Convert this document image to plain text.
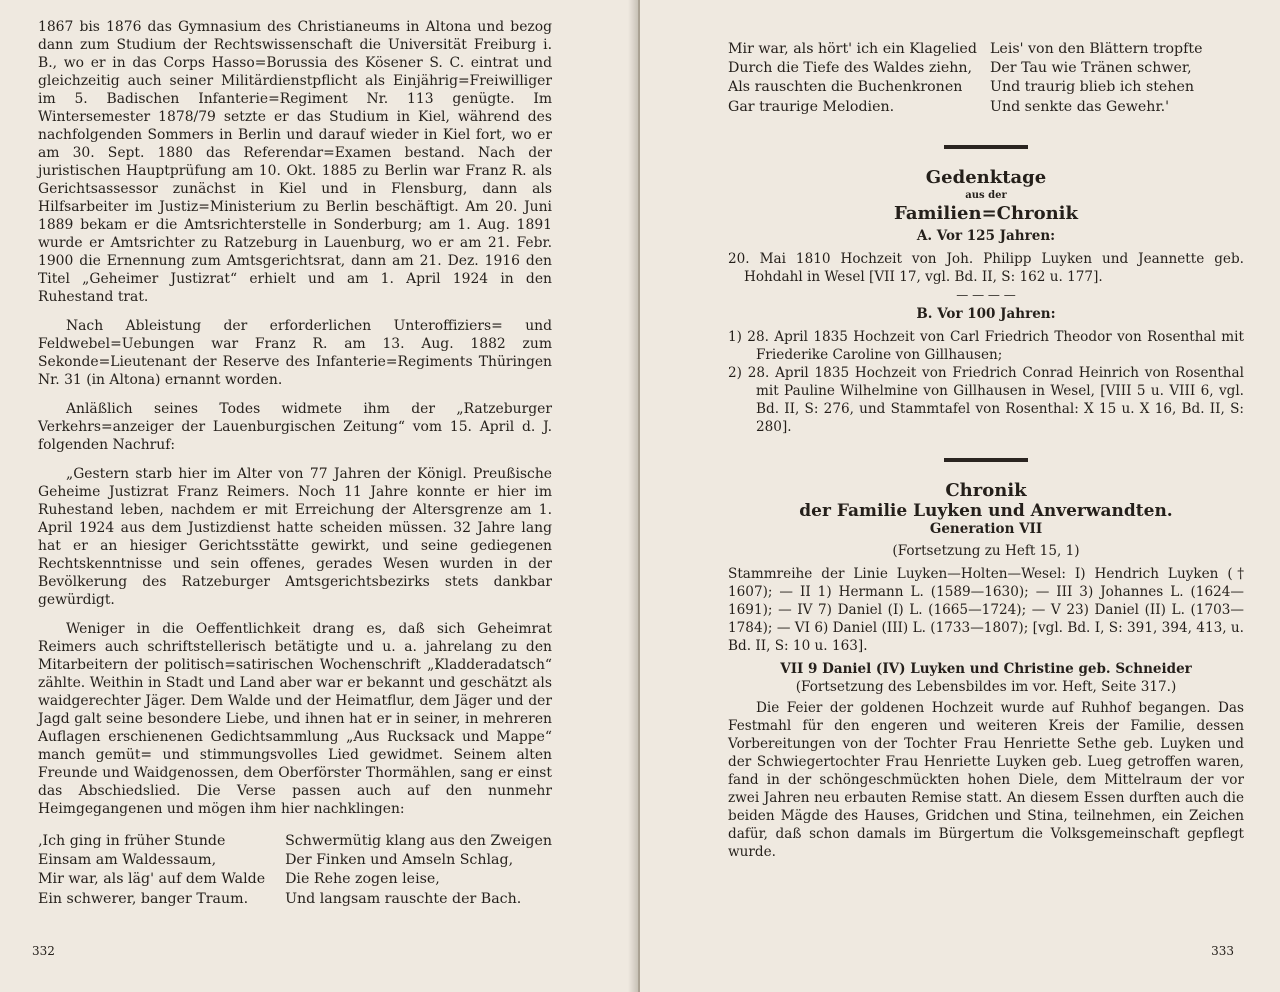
1867 bis 1876 das Gymnasium des Christianeums in Altona und bezog dann zum Studium der Rechtswissenschaft die Universität Freiburg i. B., wo er in das Corps Hasso=Borussia des Kösener S. C. eintrat und gleichzeitig auch seiner Militärdienstpflicht als Einjährig=Freiwilliger im 5. Badischen Infanterie=Regiment Nr. 113 genügte. Im Wintersemester 1878/79 setzte er das Studium in Kiel, während des nachfolgenden Sommers in Berlin und darauf wieder in Kiel fort, wo er am 30. Sept. 1880 das Referendar=Examen bestand. Nach der juristischen Hauptprüfung am 10. Okt. 1885 zu Berlin war Franz R. als Gerichtsassessor zunächst in Kiel und in Flensburg, dann als Hilfsarbeiter im Justiz=Ministerium zu Berlin beschäftigt. Am 20. Juni 1889 bekam er die Amtsrichterstelle in Sonderburg; am 1. Aug. 1891 wurde er Amtsrichter zu Ratzeburg in Lauenburg, wo er am 21. Febr. 1900 die Ernennung zum Amtsgerichtsrat, dann am 21. Dez. 1916 den Titel „Geheimer Justizrat“ erhielt und am 1. April 1924 in den Ruhestand trat.

Nach Ableistung der erforderlichen Unteroffiziers= und Feldwebel=Uebungen war Franz R. am 13. Aug. 1882 zum Sekonde=Lieutenant der Reserve des Infanterie=Regiments Thüringen Nr. 31 (in Altona) ernannt worden.

Anläßlich seines Todes widmete ihm der „Ratzeburger Verkehrs=anzeiger der Lauenburgischen Zeitung“ vom 15. April d. J. folgenden Nachruf:

„Gestern starb hier im Alter von 77 Jahren der Königl. Preußische Geheime Justizrat Franz Reimers. Noch 11 Jahre konnte er hier im Ruhestand leben, nachdem er mit Erreichung der Altersgrenze am 1. April 1924 aus dem Justizdienst hatte scheiden müssen. 32 Jahre lang hat er an hiesiger Gerichtsstätte gewirkt, und seine gediegenen Rechtskenntnisse und sein offenes, gerades Wesen wurden in der Bevölkerung des Ratzeburger Amtsgerichtsbezirks stets dankbar gewürdigt.

Weniger in die Oeffentlichkeit drang es, daß sich Geheimrat Reimers auch schriftstellerisch betätigte und u. a. jahrelang zu den Mitarbeitern der politisch=satirischen Wochenschrift „Kladderadatsch“ zählte. Weithin in Stadt und Land aber war er bekannt und geschätzt als waidgerechter Jäger. Dem Walde und der Heimatflur, dem Jäger und der Jagd galt seine besondere Liebe, und ihnen hat er in seiner, in mehreren Auflagen erschienenen Gedichtsammlung „Aus Rucksack und Mappe“ manch gemüt= und stimmungsvolles Lied gewidmet. Seinem alten Freunde und Waidgenossen, dem Oberförster Thormählen, sang er einst das Abschiedslied. Die Verse passen auch auf den nunmehr Heimgegangenen und mögen ihm hier nachklingen:

‚Ich ging in früher Stunde
Einsam am Waldessaum,
Mir war, als läg' auf dem Walde
Ein schwerer, banger Traum.
Schwermütig klang aus den Zweigen
Der Finken und Amseln Schlag,
Die Rehe zogen leise,
Und langsam rauschte der Bach.
332
Mir war, als hört' ich ein Klagelied
Durch die Tiefe des Waldes ziehn,
Als rauschten die Buchenkronen
Gar traurige Melodien.
Leis' von den Blättern tropfte
Der Tau wie Tränen schwer,
Und traurig blieb ich stehen
Und senkte das Gewehr.'

Gedenktage

aus der

Familien=Chronik

A. Vor 125 Jahren:

20. Mai 1810 Hochzeit von Joh. Philipp Luyken und Jeannette geb. Hohdahl in Wesel [VII 17, vgl. Bd. II, S: 162 u. 177].

— — — —

B. Vor 100 Jahren:

1) 28. April 1835 Hochzeit von Carl Friedrich Theodor von Rosenthal mit Friederike Caroline von Gillhausen;
2) 28. April 1835 Hochzeit von Friedrich Conrad Heinrich von Rosenthal mit Pauline Wilhelmine von Gillhausen in Wesel, [VIII 5 u. VIII 6, vgl. Bd. II, S: 276, und Stammtafel von Rosenthal: X 15 u. X 16, Bd. II, S: 280].

Chronik

der Familie Luyken und Anverwandten.

Generation VII

(Fortsetzung zu Heft 15, 1)

Stammreihe der Linie Luyken—Holten—Wesel: I) Hendrich Luyken († 1607); — II 1) Hermann L. (1589—1630); — III 3) Johannes L. (1624—1691); — IV 7) Daniel (I) L. (1665—1724); — V 23) Daniel (II) L. (1703—1784); — VI 6) Daniel (III) L. (1733—1807); [vgl. Bd. I, S: 391, 394, 413, u. Bd. II, S: 10 u. 163].

VII 9 Daniel (IV) Luyken und Christine geb. Schneider

(Fortsetzung des Lebensbildes im vor. Heft, Seite 317.)

Die Feier der goldenen Hochzeit wurde auf Ruhhof begangen. Das Festmahl für den engeren und weiteren Kreis der Familie, dessen Vorbereitungen von der Tochter Frau Henriette Sethe geb. Luyken und der Schwiegertochter Frau Henriette Luyken geb. Lueg getroffen waren, fand in der schöngeschmückten hohen Diele, dem Mittelraum der vor zwei Jahren neu erbauten Remise statt. An diesem Essen durften auch die beiden Mägde des Hauses, Gridchen und Stina, teilnehmen, ein Zeichen dafür, daß schon damals im Bürgertum die Volksgemeinschaft gepflegt wurde.

333
